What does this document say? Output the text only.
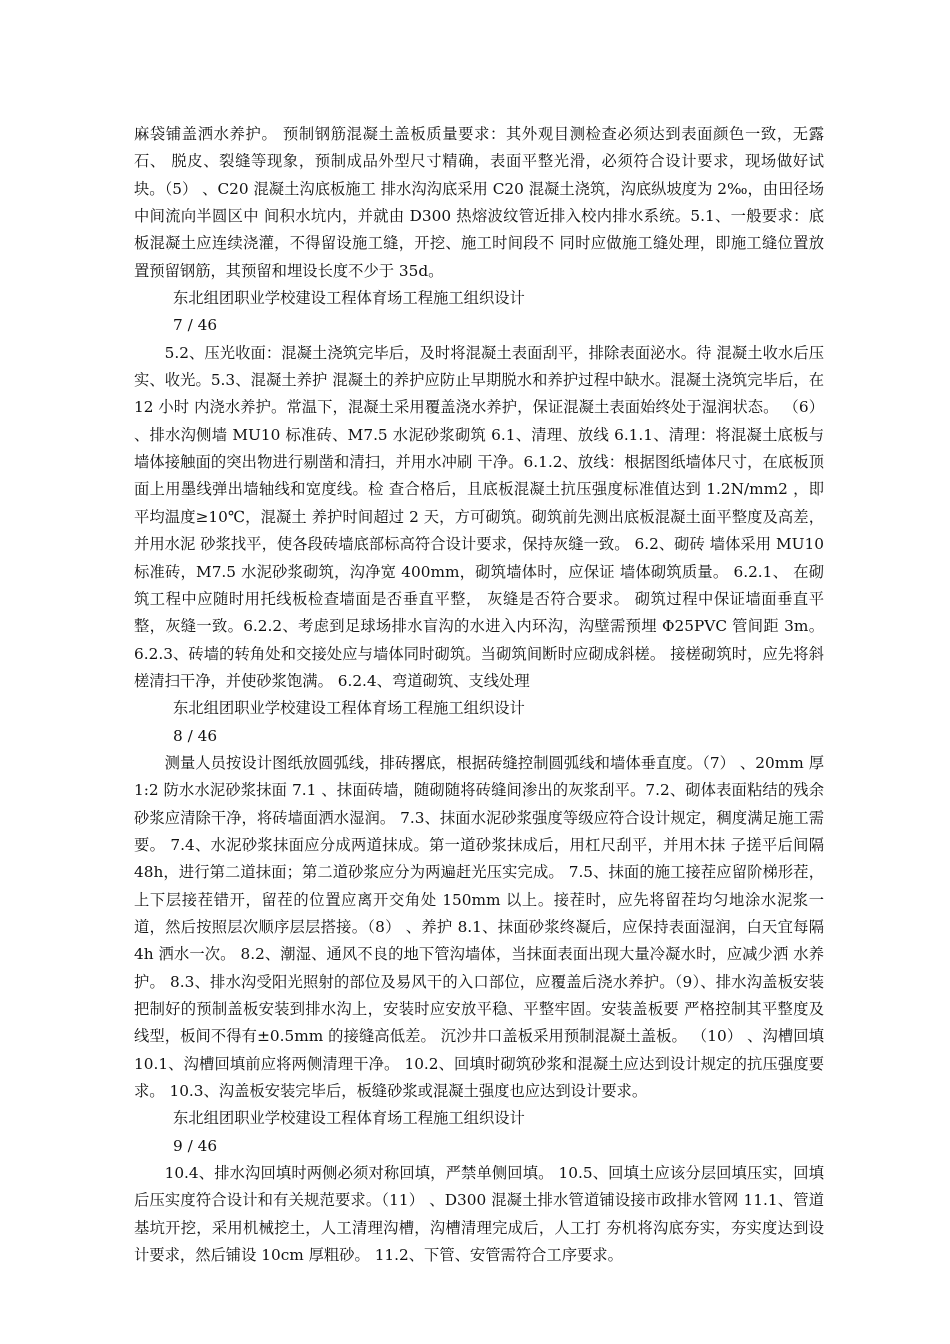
麻袋铺盖洒水养护。 预制钢筋混凝土盖板质量要求：其外观目测检查必须达到表面颜色一致，无露石、 脱皮、裂缝等现象，预制成品外型尺寸精确，表面平整光滑，必须符合设计要求，现场做好试块。（5） 、C20 混凝土沟底板施工 排水沟沟底采用 C20 混凝土浇筑，沟底纵坡度为 2‰，由田径场中间流向半圆区中 间积水坑内，并就由 D300 热熔波纹管近排入校内排水系统。5.1、一般要求：底板混凝土应连续浇灌，不得留设施工缝，开挖、施工时间段不 同时应做施工缝处理，即施工缝位置放置预留钢筋，其预留和埋设长度不少于 35d。

东北组团职业学校建设工程体育场工程施工组织设计

7 / 46

5.2、压光收面：混凝土浇筑完毕后，及时将混凝土表面刮平，排除表面泌水。待 混凝土收水后压实、收光。5.3、混凝土养护 混凝土的养护应防止早期脱水和养护过程中缺水。混凝土浇筑完毕后，在 12 小时 内浇水养护。常温下，混凝土采用覆盖浇水养护，保证混凝土表面始终处于湿润状态。 （6） 、排水沟侧墙 MU10 标准砖、M7.5 水泥砂浆砌筑 6.1、清理、放线 6.1.1、清理：将混凝土底板与墙体接触面的突出物进行剔凿和清扫，并用水冲刷 干净。6.1.2、放线：根据图纸墙体尺寸，在底板顶面上用墨线弹出墙轴线和宽度线。检 查合格后，且底板混凝土抗压强度标准值达到 1.2N/mm2 ，即平均温度≥10℃，混凝土 养护时间超过 2 天，方可砌筑。砌筑前先测出底板混凝土面平整度及高差，并用水泥 砂浆找平，使各段砖墙底部标高符合设计要求，保持灰缝一致。 6.2、砌砖 墙体采用 MU10 标准砖，M7.5 水泥砂浆砌筑，沟净宽 400mm，砌筑墙体时，应保证 墙体砌筑质量。 6.2.1、 在砌筑工程中应随时用托线板检查墙面是否垂直平整， 灰缝是否符合要求。 砌筑过程中保证墙面垂直平整，灰缝一致。6.2.2、考虑到足球场排水盲沟的水进入内环沟，沟壁需预埋 Φ25PVC 管间距 3m。 6.2.3、砖墙的转角处和交接处应与墙体同时砌筑。当砌筑间断时应砌成斜槎。 接槎砌筑时，应先将斜槎清扫干净，并使砂浆饱满。 6.2.4、弯道砌筑、支线处理

东北组团职业学校建设工程体育场工程施工组织设计

8 / 46

测量人员按设计图纸放圆弧线，排砖撂底，根据砖缝控制圆弧线和墙体垂直度。（7） 、20mm 厚 1:2 防水水泥砂浆抹面 7.1 、抹面砖墙，随砌随将砖缝间渗出的灰浆刮平。7.2、砌体表面粘结的残余砂浆应清除干净，将砖墙面洒水湿润。 7.3、抹面水泥砂浆强度等级应符合设计规定，稠度满足施工需要。 7.4、水泥砂浆抹面应分成两道抹成。第一道砂浆抹成后，用杠尺刮平，并用木抹 子搓平后间隔 48h，进行第二道抹面；第二道砂浆应分为两遍赶光压实完成。 7.5、抹面的施工接茬应留阶梯形茬，上下层接茬错开，留茬的位置应离开交角处 150mm 以上。接茬时，应先将留茬均匀地涂水泥浆一道，然后按照层次顺序层层搭接。（8） 、养护 8.1、抹面砂浆终凝后，应保持表面湿润，白天宜每隔 4h 洒水一次。 8.2、潮湿、通风不良的地下管沟墙体，当抹面表面出现大量冷凝水时，应减少洒 水养护。 8.3、排水沟受阳光照射的部位及易风干的入口部位，应覆盖后浇水养护。（9）、排水沟盖板安装 把制好的预制盖板安装到排水沟上，安装时应安放平稳、平整牢固。安装盖板要 严格控制其平整度及线型，板间不得有±0.5mm 的接缝高低差。 沉沙井口盖板采用预制混凝土盖板。 （10） 、沟槽回填 10.1、沟槽回填前应将两侧清理干净。 10.2、回填时砌筑砂浆和混凝土应达到设计规定的抗压强度要求。 10.3、沟盖板安装完毕后，板缝砂浆或混凝土强度也应达到设计要求。

东北组团职业学校建设工程体育场工程施工组织设计

9 / 46

10.4、排水沟回填时两侧必须对称回填，严禁单侧回填。 10.5、回填土应该分层回填压实，回填后压实度符合设计和有关规范要求。（11） 、D300 混凝土排水管道铺设接市政排水管网 11.1、管道基坑开挖，采用机械挖土，人工清理沟槽，沟槽清理完成后，人工打 夯机将沟底夯实，夯实度达到设计要求，然后铺设 10cm 厚粗砂。 11.2、下管、安管需符合工序要求。
